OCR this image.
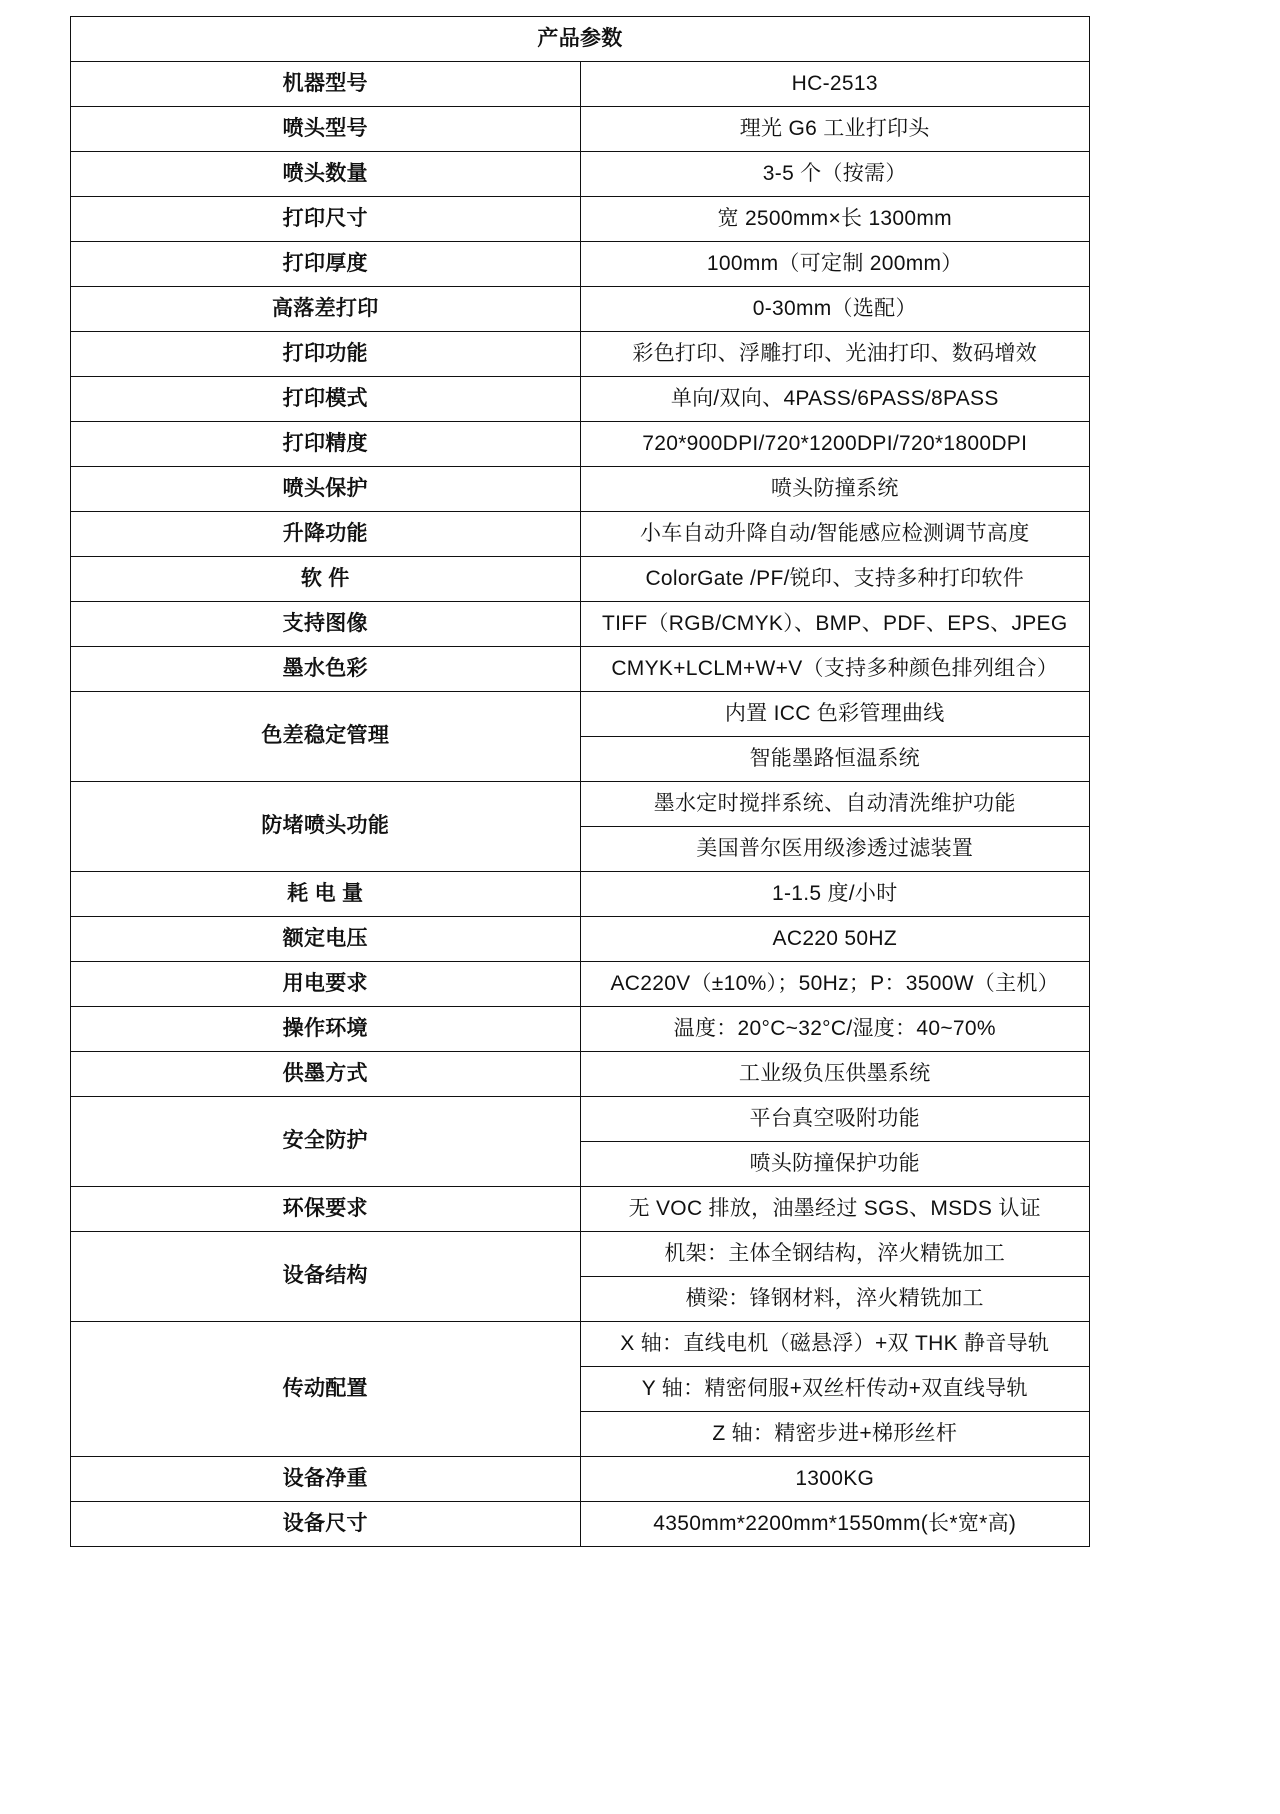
产品参数	
机器型号	HC-2513
喷头型号	理光 G6 工业打印头
喷头数量	3-5 个（按需）
打印尺寸	宽 2500mm×长 1300mm
打印厚度	100mm（可定制 200mm）
高落差打印	0-30mm（选配）
打印功能	彩色打印、浮雕打印、光油打印、数码增效
打印模式	单向/双向、4PASS/6PASS/8PASS
打印精度	720*900DPI/720*1200DPI/720*1800DPI
喷头保护	喷头防撞系统
升降功能	小车自动升降自动/智能感应检测调节高度
软 件	ColorGate /PF/锐印、支持多种打印软件
支持图像	TIFF（RGB/CMYK）、BMP、PDF、EPS、JPEG
墨水色彩	CMYK+LCLM+W+V（支持多种颜色排列组合）
色差稳定管理	内置 ICC 色彩管理曲线
	智能墨路恒温系统
防堵喷头功能	墨水定时搅拌系统、自动清洗维护功能
	美国普尔医用级渗透过滤装置
耗 电 量	1-1.5 度/小时
额定电压	AC220 50HZ
用电要求	AC220V（±10%）；50Hz；P：3500W（主机）
操作环境	温度：20°C~32°C/湿度：40~70%
供墨方式	工业级负压供墨系统
安全防护	平台真空吸附功能
	喷头防撞保护功能
环保要求	无 VOC 排放，油墨经过 SGS、MSDS 认证
设备结构	机架：主体全钢结构，淬火精铣加工
	横梁：锋钢材料，淬火精铣加工
传动配置	X 轴：直线电机（磁悬浮）+双 THK 静音导轨
	Y 轴：精密伺服+双丝杆传动+双直线导轨
	Z 轴：精密步进+梯形丝杆
设备净重	1300KG
设备尺寸	4350mm*2200mm*1550mm(长*宽*高)
